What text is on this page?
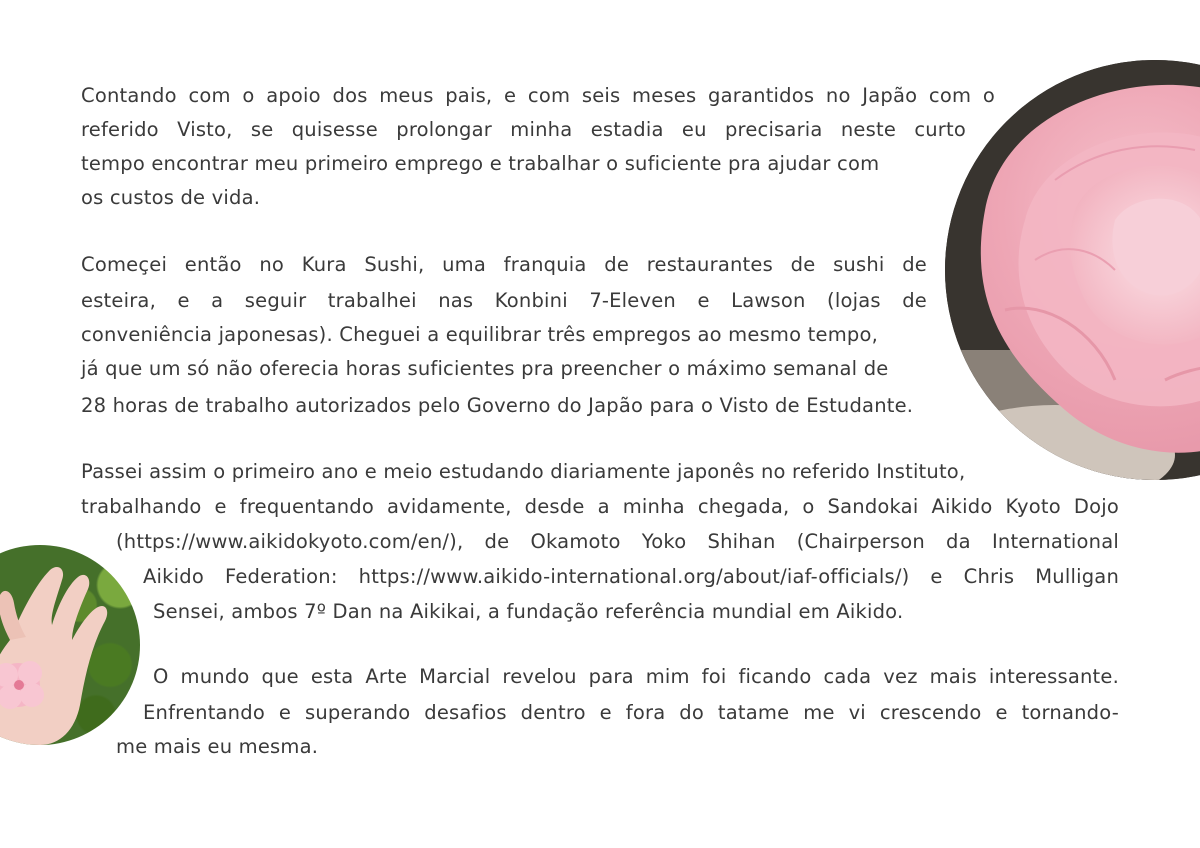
Contando com o apoio dos meus pais, e com seis meses garantidos no Japão com o
referido Visto, se quisesse prolongar minha estadia eu precisaria neste curto
tempo encontrar meu primeiro emprego e trabalhar o suficiente pra ajudar com
os custos de vida.
Começei então no Kura Sushi, uma franquia de restaurantes de sushi de
esteira, e a seguir trabalhei nas Konbini 7-Eleven e Lawson (lojas de
conveniência japonesas). Cheguei a equilibrar três empregos ao mesmo tempo,
já que um só não oferecia horas suficientes pra preencher o máximo semanal de
28 horas de trabalho autorizados pelo Governo do Japão para o Visto de Estudante.
Passei assim o primeiro ano e meio estudando diariamente japonês no referido Instituto,
trabalhando e frequentando avidamente, desde a minha chegada, o Sandokai Aikido Kyoto Dojo
(https://www.aikidokyoto.com/en/), de Okamoto Yoko Shihan (Chairperson da International
Aikido Federation: https://www.aikido-international.org/about/iaf-officials/) e Chris Mulligan
Sensei, ambos 7º Dan na Aikikai, a fundação referência mundial em Aikido.
O mundo que esta Arte Marcial revelou para mim foi ficando cada vez mais interessante.
Enfrentando e superando desafios dentro e fora do tatame me vi crescendo e tornando-
me mais eu mesma.
